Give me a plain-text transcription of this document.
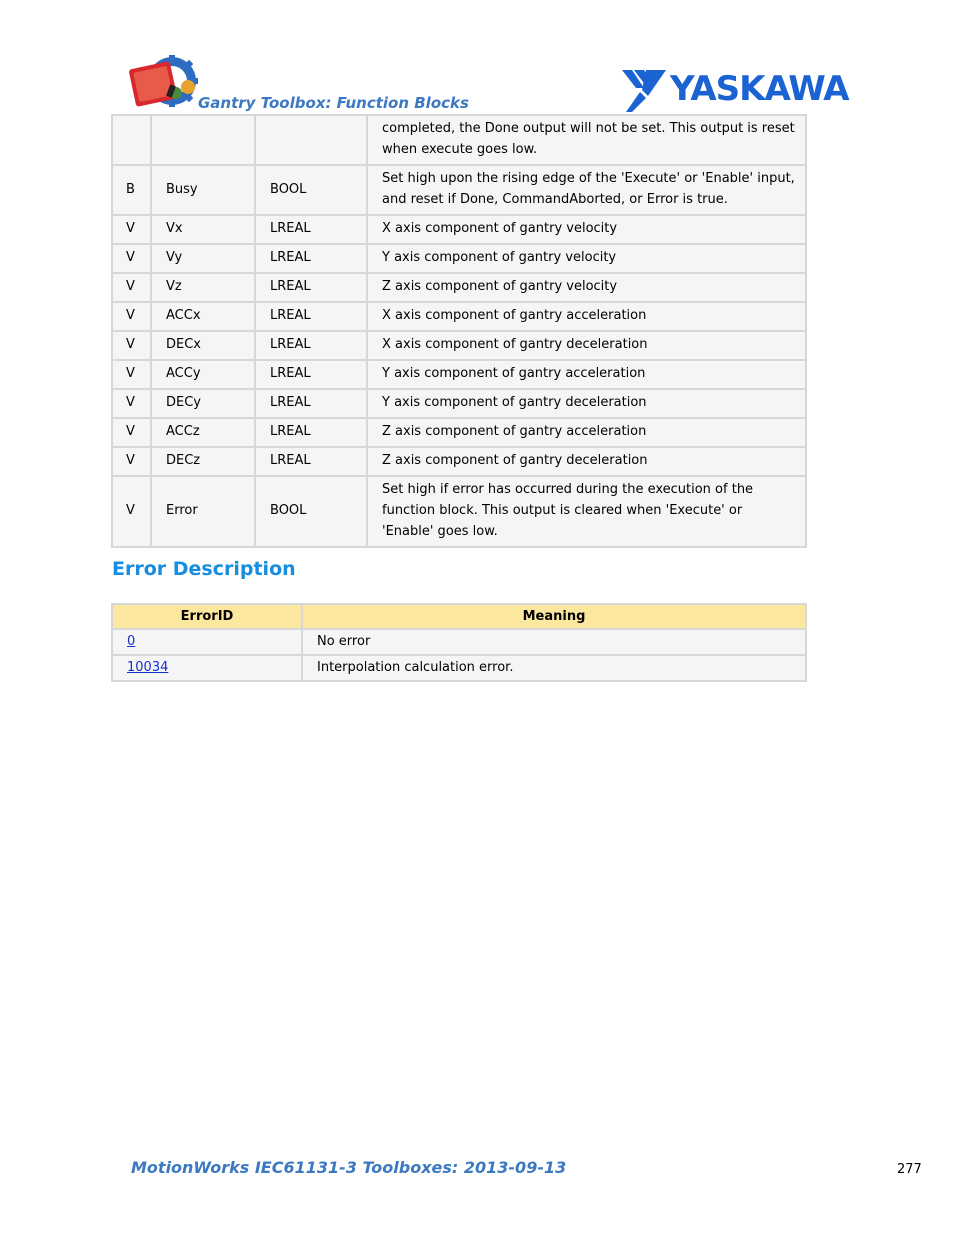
Gantry Toolbox: Function Blocks	YASKAWA
			completed, the Done output will not be set. This output is reset when execute goes low.
B	Busy	BOOL	Set high upon the rising edge of the 'Execute' or 'Enable' input, and reset if Done, CommandAborted, or Error is true.
V	Vx	LREAL	X axis component of gantry velocity
V	Vy	LREAL	Y axis component of gantry velocity
V	Vz	LREAL	Z axis component of gantry velocity
V	ACCx	LREAL	X axis component of gantry acceleration
V	DECx	LREAL	X axis component of gantry deceleration
V	ACCy	LREAL	Y axis component of gantry acceleration
V	DECy	LREAL	Y axis component of gantry deceleration
V	ACCz	LREAL	Z axis component of gantry acceleration
V	DECz	LREAL	Z axis component of gantry deceleration
V	Error	BOOL	Set high if error has occurred during the execution of the function block. This output is cleared when 'Execute' or 'Enable' goes low.
Error Description
ErrorID	Meaning
0	No error
10034	Interpolation calculation error.
MotionWorks IEC61131-3 Toolboxes: 2013-09-13	277
